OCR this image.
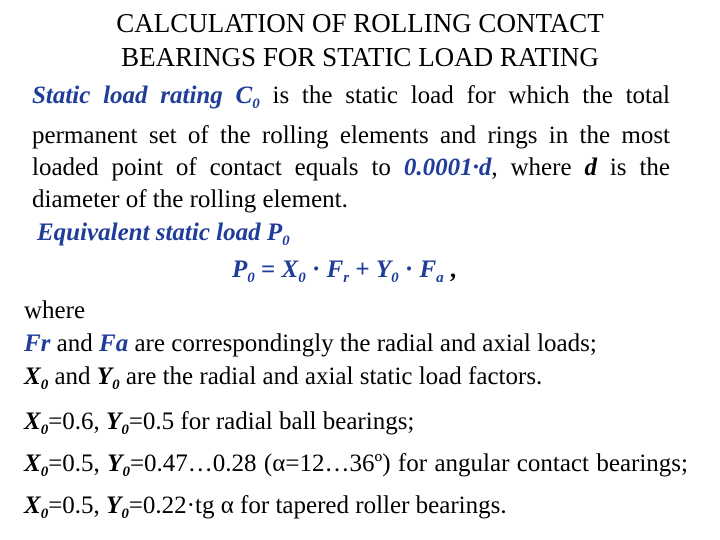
CALCULATION OF ROLLING CONTACT
BEARINGS FOR STATIC LOAD RATING
Static load rating $C_0$ is the static load for which the total permanent set of the rolling elements and rings in the most loaded point of contact equals to 0.0001·d, where d is the diameter of the rolling element.
Equivalent static load $P_0$
$P_0 = X_0 \cdot F_r + Y_0 \cdot F_a$ ,
where
Fr and Fa are correspondingly the radial and axial loads;
$X_0$ and $Y_0$ are the radial and axial static load factors.
$X_0=0.6$, $Y_0=0.5$ for radial ball bearings;
$X_0=0.5$, $Y_0=0.47\dots 0.28$ (α=12…36º) for angular contact bearings;
$X_0=0.5$, $Y_0=0.22\cdot tg$ α for tapered roller bearings.
